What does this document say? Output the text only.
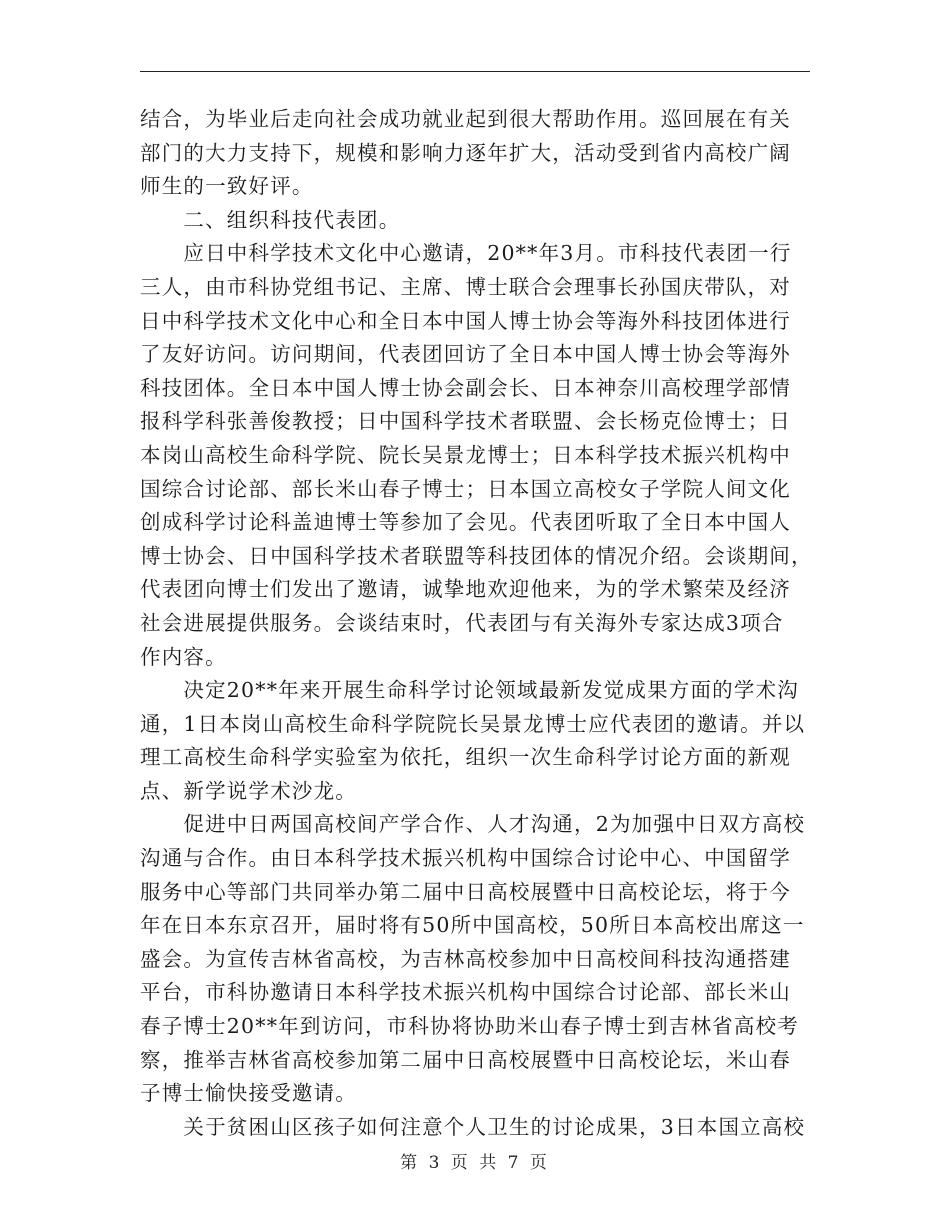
结合，为毕业后走向社会成功就业起到很大帮助作用。巡回展在有关
部门的大力支持下，规模和影响力逐年扩大，活动受到省内高校广阔
师生的一致好评。
　　二、组织科技代表团。
　　应日中科学技术文化中心邀请，20**年3月。市科技代表团一行
三人，由市科协党组书记、主席、博士联合会理事长孙国庆带队，对
日中科学技术文化中心和全日本中国人博士协会等海外科技团体进行
了友好访问。访问期间，代表团回访了全日本中国人博士协会等海外
科技团体。全日本中国人博士协会副会长、日本神奈川高校理学部情
报科学科张善俊教授；日中国科学技术者联盟、会长杨克俭博士；日
本岗山高校生命科学院、院长吴景龙博士；日本科学技术振兴机构中
国综合讨论部、部长米山春子博士；日本国立高校女子学院人间文化
创成科学讨论科盖迪博士等参加了会见。代表团听取了全日本中国人
博士协会、日中国科学技术者联盟等科技团体的情况介绍。会谈期间，
代表团向博士们发出了邀请，诚挚地欢迎他来，为的学术繁荣及经济
社会进展提供服务。会谈结束时，代表团与有关海外专家达成3项合
作内容。
　　决定20**年来开展生命科学讨论领域最新发觉成果方面的学术沟
通，1日本岗山高校生命科学院院长吴景龙博士应代表团的邀请。并以
理工高校生命科学实验室为依托，组织一次生命科学讨论方面的新观
点、新学说学术沙龙。
　　促进中日两国高校间产学合作、人才沟通，2为加强中日双方高校
沟通与合作。由日本科学技术振兴机构中国综合讨论中心、中国留学
服务中心等部门共同举办第二届中日高校展暨中日高校论坛，将于今
年在日本东京召开，届时将有50所中国高校，50所日本高校出席这一
盛会。为宣传吉林省高校，为吉林高校参加中日高校间科技沟通搭建
平台，市科协邀请日本科学技术振兴机构中国综合讨论部、部长米山
春子博士20**年到访问，市科协将协助米山春子博士到吉林省高校考
察，推举吉林省高校参加第二届中日高校展暨中日高校论坛，米山春
子博士愉快接受邀请。
　　关于贫困山区孩子如何注意个人卫生的讨论成果，3日本国立高校
第 3 页 共 7 页
